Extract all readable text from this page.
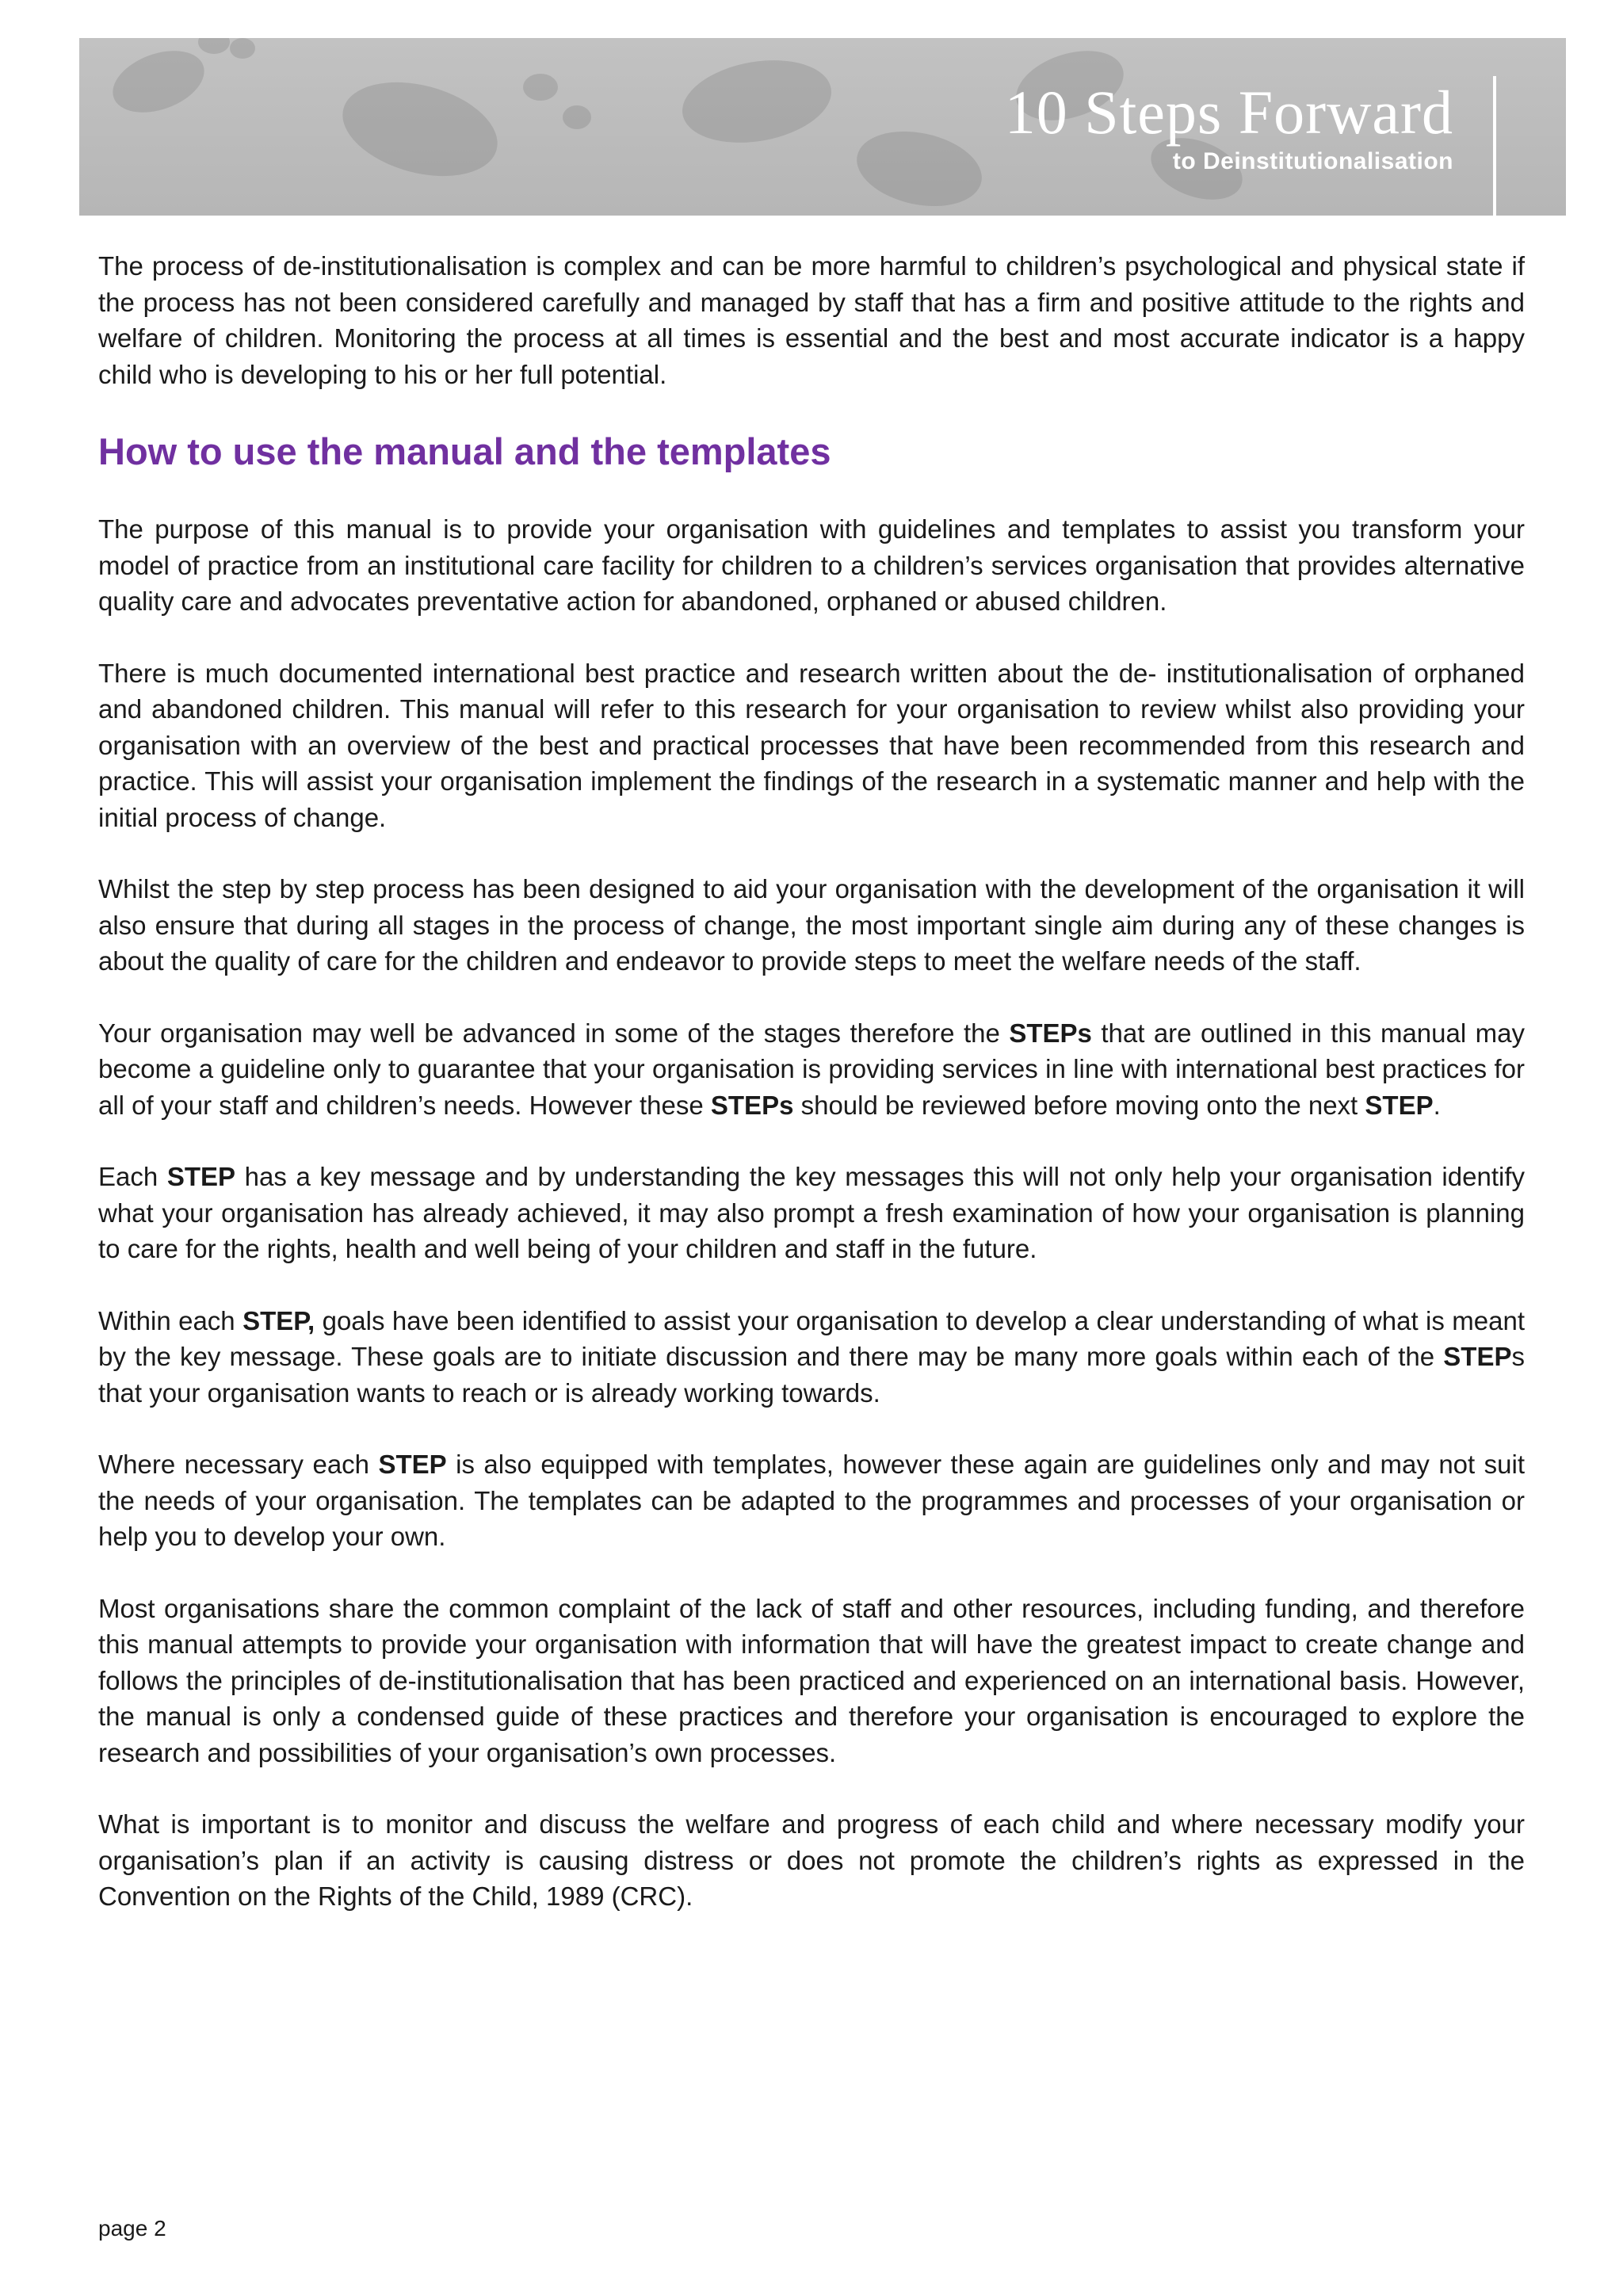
10 Steps Forward
to Deinstitutionalisation

The process of de-institutionalisation is complex and can be more harmful to children’s psychological and physical state if the process has not been considered carefully and managed by staff that has a firm and positive attitude to the rights and welfare of children. Monitoring the process at all times is essential and the best and most accurate indicator is a happy child who is developing to his or her full potential.

How to use the manual and the templates

The purpose of this manual is to provide your organisation with guidelines and templates to assist you transform your model of practice from an institutional care facility for children to a children’s services organisation that provides alternative quality care and advocates preventative action for abandoned, orphaned or abused children.

There is much documented international best practice and research written about the de- institutionalisation of orphaned and abandoned children. This manual will refer to this research for your organisation to review whilst also providing your organisation with an overview of the best and practical processes that have been recommended from this research and practice. This will assist your organisation implement the findings of the research in a systematic manner and help with the initial process of change.

Whilst the step by step process has been designed to aid your organisation with the development of the organisation it will also ensure that during all stages in the process of change, the most important single aim during any of these changes is about the quality of care for the children and endeavor to provide steps to meet the welfare needs of the staff.

Your organisation may well be advanced in some of the stages therefore the STEPs that are outlined in this manual may become a guideline only to guarantee that your organisation is providing services in line with international best practices for all of your staff and children’s needs. However these STEPs should be reviewed before moving onto the next STEP.

Each STEP has a key message and by understanding the key messages this will not only help your organisation identify what your organisation has already achieved, it may also prompt a fresh examination of how your organisation is planning to care for the rights, health and well being of your children and staff in the future.

Within each STEP, goals have been identified to assist your organisation to develop a clear understanding of what is meant by the key message. These goals are to initiate discussion and there may be many more goals within each of the STEPs that your organisation wants to reach or is already working towards.

Where necessary each STEP is also equipped with templates, however these again are guidelines only and may not suit the needs of your organisation. The templates can be adapted to the programmes and processes of your organisation or help you to develop your own.

Most organisations share the common complaint of the lack of staff and other resources, including funding, and therefore this manual attempts to provide your organisation with information that will have the greatest impact to create change and follows the principles of de-institutionalisation that has been practiced and experienced on an international basis. However, the manual is only a condensed guide of these practices and therefore your organisation is encouraged to explore the research and possibilities of your organisation’s own processes.

What is important is to monitor and discuss the welfare and progress of each child and where necessary modify your organisation’s plan if an activity is causing distress or does not promote the children’s rights as expressed in the Convention on the Rights of the Child, 1989 (CRC).

page 2
